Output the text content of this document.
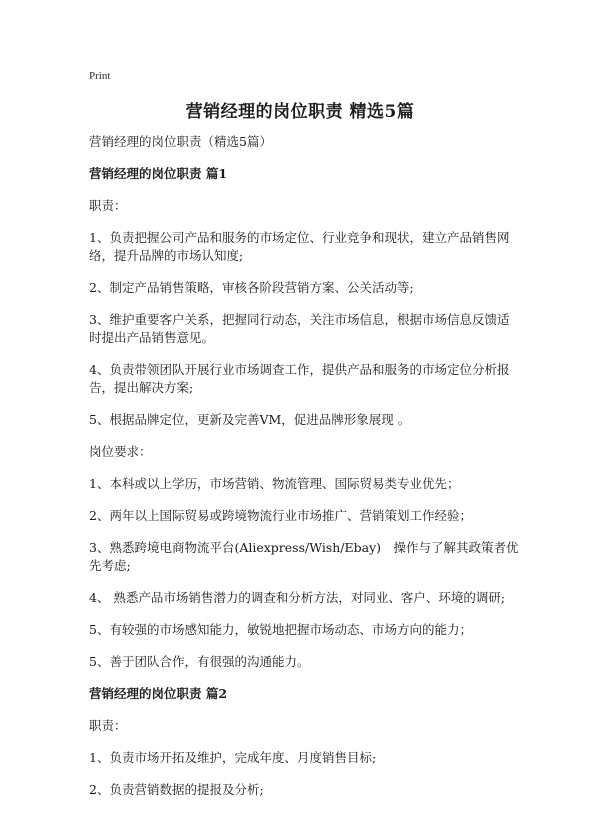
Print
营销经理的岗位职责 精选5篇

营销经理的岗位职责（精选5篇）

营销经理的岗位职责 篇1

职责：

1、负责把握公司产品和服务的市场定位、行业竞争和现状，建立产品销售网络，提升品牌的市场认知度;

2、制定产品销售策略，审核各阶段营销方案、公关活动等;

3、维护重要客户关系，把握同行动态，关注市场信息，根据市场信息反馈适时提出产品销售意见。

4、负责带领团队开展行业市场调查工作，提供产品和服务的市场定位分析报告，提出解决方案;

5、根据品牌定位，更新及完善VM，促进品牌形象展现 。

岗位要求：

1、本科或以上学历，市场营销、物流管理、国际贸易类专业优先；

2、两年以上国际贸易或跨境物流行业市场推广、营销策划工作经验；

3、熟悉跨境电商物流平台(Aliexpress/Wish/Ebay)　操作与了解其政策者优先考虑;

4、 熟悉产品市场销售潜力的调查和分析方法，对同业、客户、环境的调研;

5、有较强的市场感知能力，敏锐地把握市场动态、市场方向的能力；

5、善于团队合作，有很强的沟通能力。

营销经理的岗位职责 篇2

职责：

1、负责市场开拓及维护，完成年度、月度销售目标;

2、负责营销数据的提报及分析;
